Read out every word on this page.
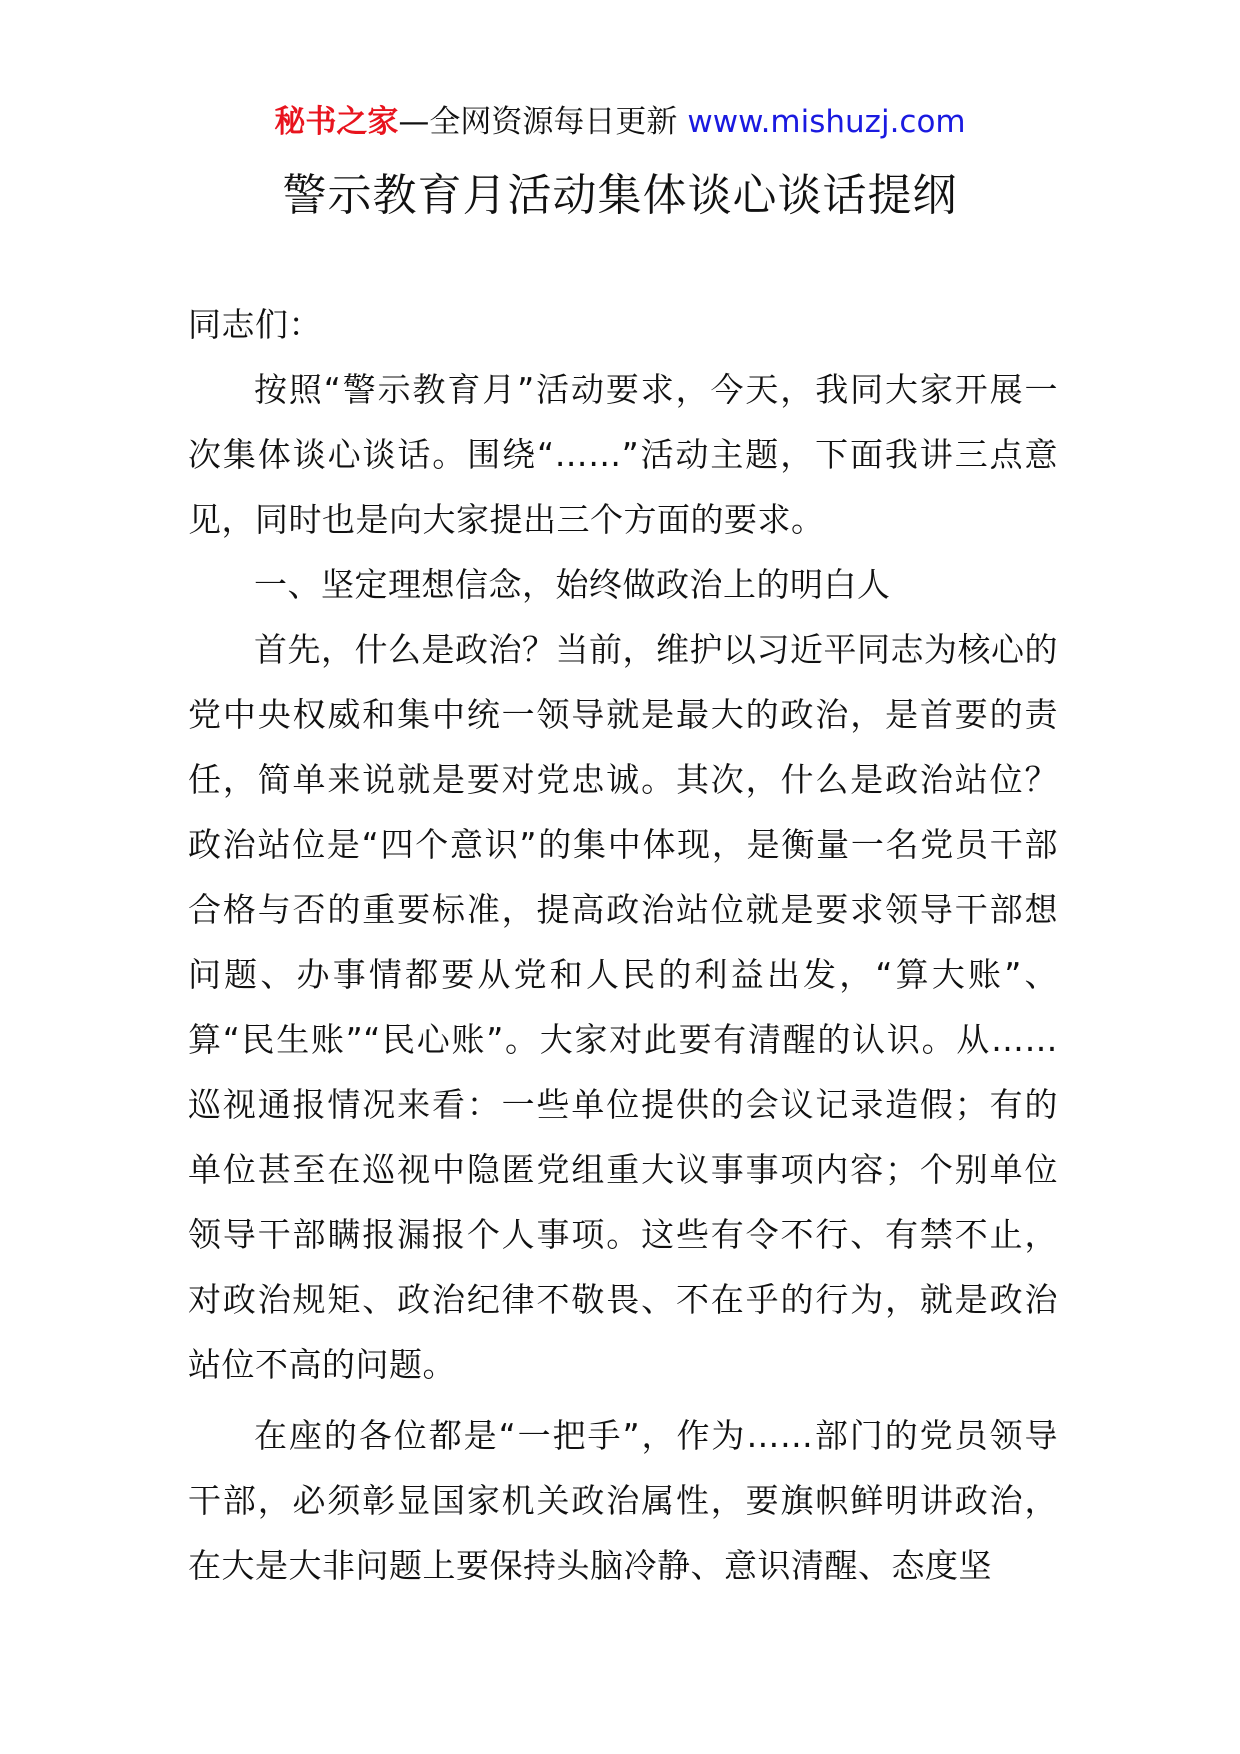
秘书之家—全网资源每日更新 www.mishuzj.com
警示教育月活动集体谈心谈话提纲

同志们：

按照“警示教育月”活动要求，今天，我同大家开展一次集体谈心谈话。围绕“……”活动主题，下面我讲三点意见，同时也是向大家提出三个方面的要求。

一、坚定理想信念，始终做政治上的明白人

首先，什么是政治？当前，维护以习近平同志为核心的党中央权威和集中统一领导就是最大的政治，是首要的责任，简单来说就是要对党忠诚。其次，什么是政治站位？政治站位是“四个意识”的集中体现，是衡量一名党员干部合格与否的重要标准，提高政治站位就是要求领导干部想问题、办事情都要从党和人民的利益出发，“算大账”、算“民生账”“民心账”。大家对此要有清醒的认识。从……巡视通报情况来看：一些单位提供的会议记录造假；有的单位甚至在巡视中隐匿党组重大议事事项内容；个别单位领导干部瞒报漏报个人事项。这些有令不行、有禁不止，对政治规矩、政治纪律不敬畏、不在乎的行为，就是政治站位不高的问题。

在座的各位都是“一把手”，作为……部门的党员领导干部，必须彰显国家机关政治属性，要旗帜鲜明讲政治，在大是大非问题上要保持头脑冷静、意识清醒、态度坚
